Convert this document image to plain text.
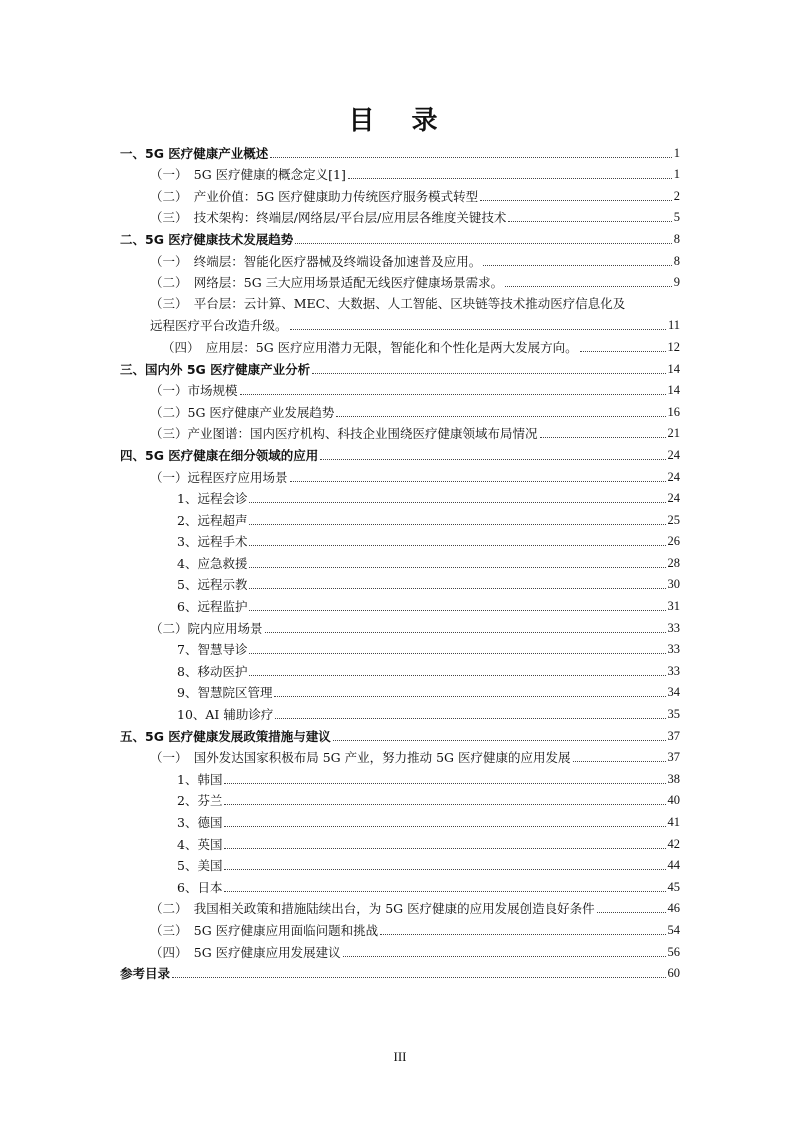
目 录
一、5G 医疗健康产业概述	1
（一）　5G 医疗健康的概念定义[1]	1
（二）　产业价值：5G 医疗健康助力传统医疗服务模式转型	2
（三）　技术架构：终端层/网络层/平台层/应用层各维度关键技术	5
二、5G 医疗健康技术发展趋势	8
（一）　终端层：智能化医疗器械及终端设备加速普及应用。	8
（二）　网络层：5G 三大应用场景适配无线医疗健康场景需求。	9
（三）　平台层：云计算、MEC、大数据、人工智能、区块链等技术推动医疗信息化及
远程医疗平台改造升级。	11
（四）　应用层：5G 医疗应用潜力无限，智能化和个性化是两大发展方向。	12
三、国内外 5G 医疗健康产业分析	14
（一）市场规模	14
（二）5G 医疗健康产业发展趋势	16
（三）产业图谱：国内医疗机构、科技企业围绕医疗健康领域布局情况	21
四、5G 医疗健康在细分领域的应用	24
（一）远程医疗应用场景	24
1、远程会诊	24
2、远程超声	25
3、远程手术	26
4、应急救援	28
5、远程示教	30
6、远程监护	31
（二）院内应用场景	33
7、智慧导诊	33
8、移动医护	33
9、智慧院区管理	34
10、AI 辅助诊疗	35
五、5G 医疗健康发展政策措施与建议	37
（一）　国外发达国家积极布局 5G 产业，努力推动 5G 医疗健康的应用发展	37
1、韩国	38
2、芬兰	40
3、德国	41
4、英国	42
5、美国	44
6、日本	45
（二）　我国相关政策和措施陆续出台，为 5G 医疗健康的应用发展创造良好条件	46
（三）　5G 医疗健康应用面临问题和挑战	54
（四）　5G 医疗健康应用发展建议	56
参考目录	60
III
